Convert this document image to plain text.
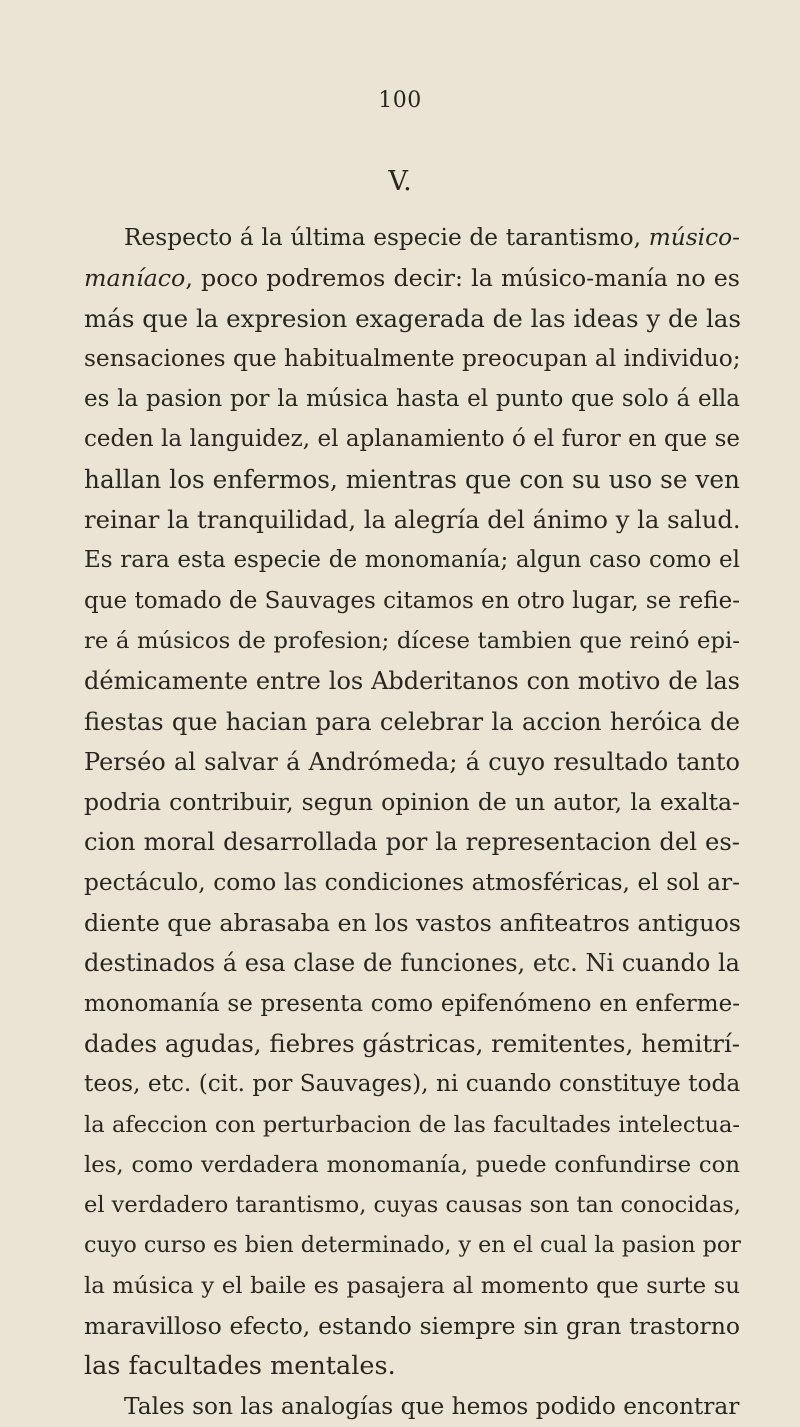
100
V.
Respecto á la última especie de tarantismo, músico-
maníaco, poco podremos decir: la músico-manía no es
más que la expresion exagerada de las ideas y de las
sensaciones que habitualmente preocupan al individuo;
es la pasion por la música hasta el punto que solo á ella
ceden la languidez, el aplanamiento ó el furor en que se
hallan los enfermos, mientras que con su uso se ven
reinar la tranquilidad, la alegría del ánimo y la salud.
Es rara esta especie de monomanía; algun caso como el
que tomado de Sauvages citamos en otro lugar, se refie-
re á músicos de profesion; dícese tambien que reinó epi-
démicamente entre los Abderitanos con motivo de las
fiestas que hacian para celebrar la accion heróica de
Perséo al salvar á Andrómeda; á cuyo resultado tanto
podria contribuir, segun opinion de un autor, la exalta-
cion moral desarrollada por la representacion del es-
pectáculo, como las condiciones atmosféricas, el sol ar-
diente que abrasaba en los vastos anfiteatros antiguos
destinados á esa clase de funciones, etc. Ni cuando la
monomanía se presenta como epifenómeno en enferme-
dades agudas, fiebres gástricas, remitentes, hemitrí-
teos, etc. (cit. por Sauvages), ni cuando constituye toda
la afeccion con perturbacion de las facultades intelectua-
les, como verdadera monomanía, puede confundirse con
el verdadero tarantismo, cuyas causas son tan conocidas,
cuyo curso es bien determinado, y en el cual la pasion por
la música y el baile es pasajera al momento que surte su
maravilloso efecto, estando siempre sin gran trastorno
las facultades mentales.
Tales son las analogías que hemos podido encontrar
